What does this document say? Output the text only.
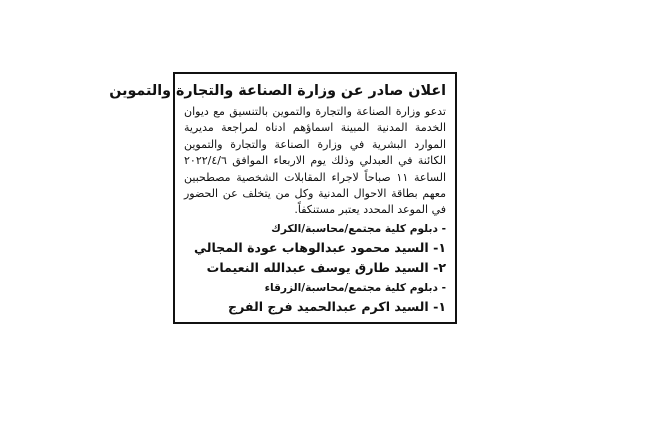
اعلان صادر عن وزارة الصناعة والتجارة والتموين

تدعو وزارة الصناعة والتجارة والتموين بالتنسيق مع ديوان الخدمة المدنية المبينة اسماؤهم ادناه لمراجعة مديرية الموارد البشرية في وزارة الصناعة والتجارة والتموين الكائنة في العبدلي وذلك يوم الاربعاء الموافق ٢٠٢٢/٤/٦ الساعة ١١ صباحاً لاجراء المقابلات الشخصية مصطحبين معهم بطاقة الاحوال المدنية وكل من يتخلف عن الحضور في الموعد المحدد يعتبر مستنكفاً.

- دبلوم كلية مجتمع/محاسبة/الكرك
١- السيد محمود عبدالوهاب عودة المجالي
٢- السيد طارق يوسف عبدالله النعيمات
- دبلوم كلية مجتمع/محاسبة/الزرقاء
١- السيد اكرم عبدالحميد فرج الفرج
